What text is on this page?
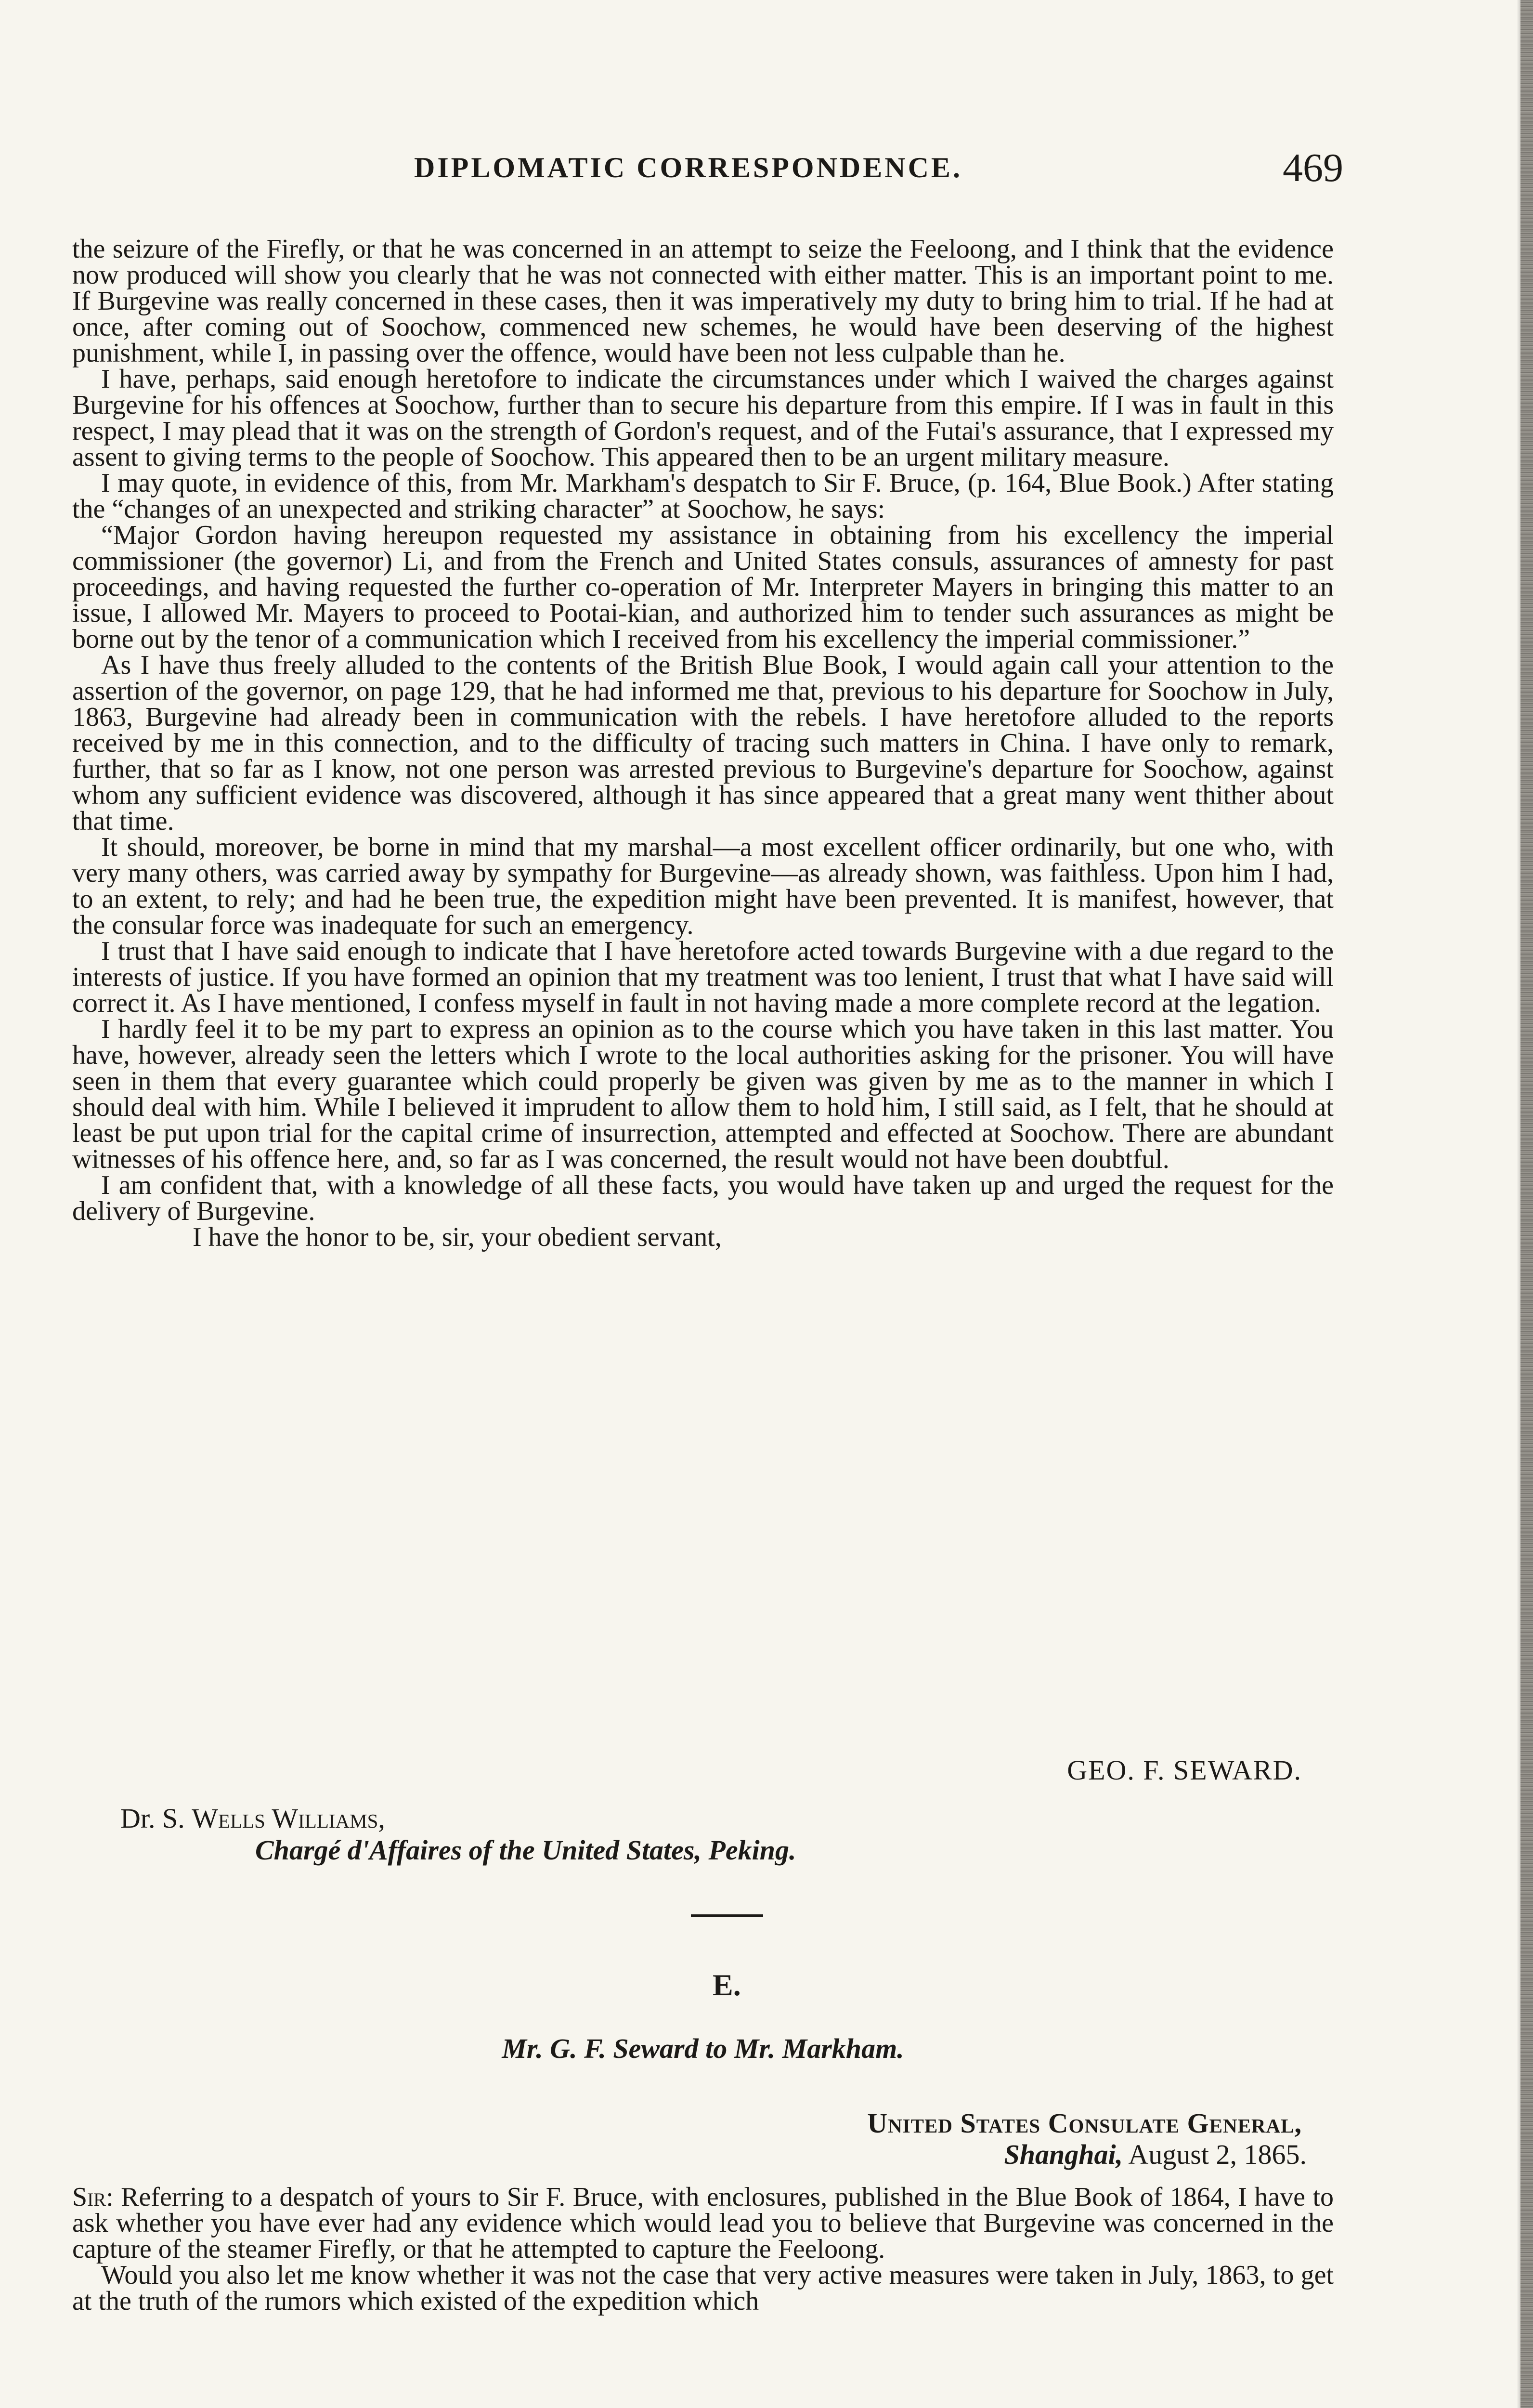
DIPLOMATIC CORRESPONDENCE.	469

the seizure of the Firefly, or that he was concerned in an attempt to seize the Feeloong, and I think that the evidence now produced will show you clearly that he was not connected with either matter. This is an important point to me. If Burgevine was really concerned in these cases, then it was imperatively my duty to bring him to trial. If he had at once, after coming out of Soochow, commenced new schemes, he would have been deserving of the highest punishment, while I, in passing over the offence, would have been not less culpable than he.

I have, perhaps, said enough heretofore to indicate the circumstances under which I waived the charges against Burgevine for his offences at Soochow, further than to secure his departure from this empire. If I was in fault in this respect, I may plead that it was on the strength of Gordon's request, and of the Futai's assurance, that I expressed my assent to giving terms to the people of Soochow. This appeared then to be an urgent military measure.

I may quote, in evidence of this, from Mr. Markham's despatch to Sir F. Bruce, (p. 164, Blue Book.) After stating the “changes of an unexpected and striking character” at Soochow, he says:

“Major Gordon having hereupon requested my assistance in obtaining from his excellency the imperial commissioner (the governor) Li, and from the French and United States consuls, assurances of amnesty for past proceedings, and having requested the further co-operation of Mr. Interpreter Mayers in bringing this matter to an issue, I allowed Mr. Mayers to proceed to Pootai-kian, and authorized him to tender such assurances as might be borne out by the tenor of a communication which I received from his excellency the imperial commissioner.”

As I have thus freely alluded to the contents of the British Blue Book, I would again call your attention to the assertion of the governor, on page 129, that he had informed me that, previous to his departure for Soochow in July, 1863, Burgevine had already been in communication with the rebels. I have heretofore alluded to the reports received by me in this connection, and to the difficulty of tracing such matters in China. I have only to remark, further, that so far as I know, not one person was arrested previous to Burgevine's departure for Soochow, against whom any sufficient evidence was discovered, although it has since appeared that a great many went thither about that time.

It should, moreover, be borne in mind that my marshal—a most excellent officer ordinarily, but one who, with very many others, was carried away by sympathy for Burgevine—as already shown, was faithless. Upon him I had, to an extent, to rely; and had he been true, the expedition might have been prevented. It is manifest, however, that the consular force was inadequate for such an emergency.

I trust that I have said enough to indicate that I have heretofore acted towards Burgevine with a due regard to the interests of justice. If you have formed an opinion that my treatment was too lenient, I trust that what I have said will correct it. As I have mentioned, I confess myself in fault in not having made a more complete record at the legation.

I hardly feel it to be my part to express an opinion as to the course which you have taken in this last matter. You have, however, already seen the letters which I wrote to the local authorities asking for the prisoner. You will have seen in them that every guarantee which could properly be given was given by me as to the manner in which I should deal with him. While I believed it imprudent to allow them to hold him, I still said, as I felt, that he should at least be put upon trial for the capital crime of insurrection, attempted and effected at Soochow. There are abundant witnesses of his offence here, and, so far as I was concerned, the result would not have been doubtful.

I am confident that, with a knowledge of all these facts, you would have taken up and urged the request for the delivery of Burgevine.

I have the honor to be, sir, your obedient servant,

GEO. F. SEWARD.
Dr. S. Wells Williams,
Chargé d'Affaires of the United States, Peking.
E.
Mr. G. F. Seward to Mr. Markham.
United States Consulate General,
Shanghai, August 2, 1865.

Sir: Referring to a despatch of yours to Sir F. Bruce, with enclosures, published in the Blue Book of 1864, I have to ask whether you have ever had any evidence which would lead you to believe that Burgevine was concerned in the capture of the steamer Firefly, or that he attempted to capture the Feeloong.

Would you also let me know whether it was not the case that very active measures were taken in July, 1863, to get at the truth of the rumors which existed of the expedition which
